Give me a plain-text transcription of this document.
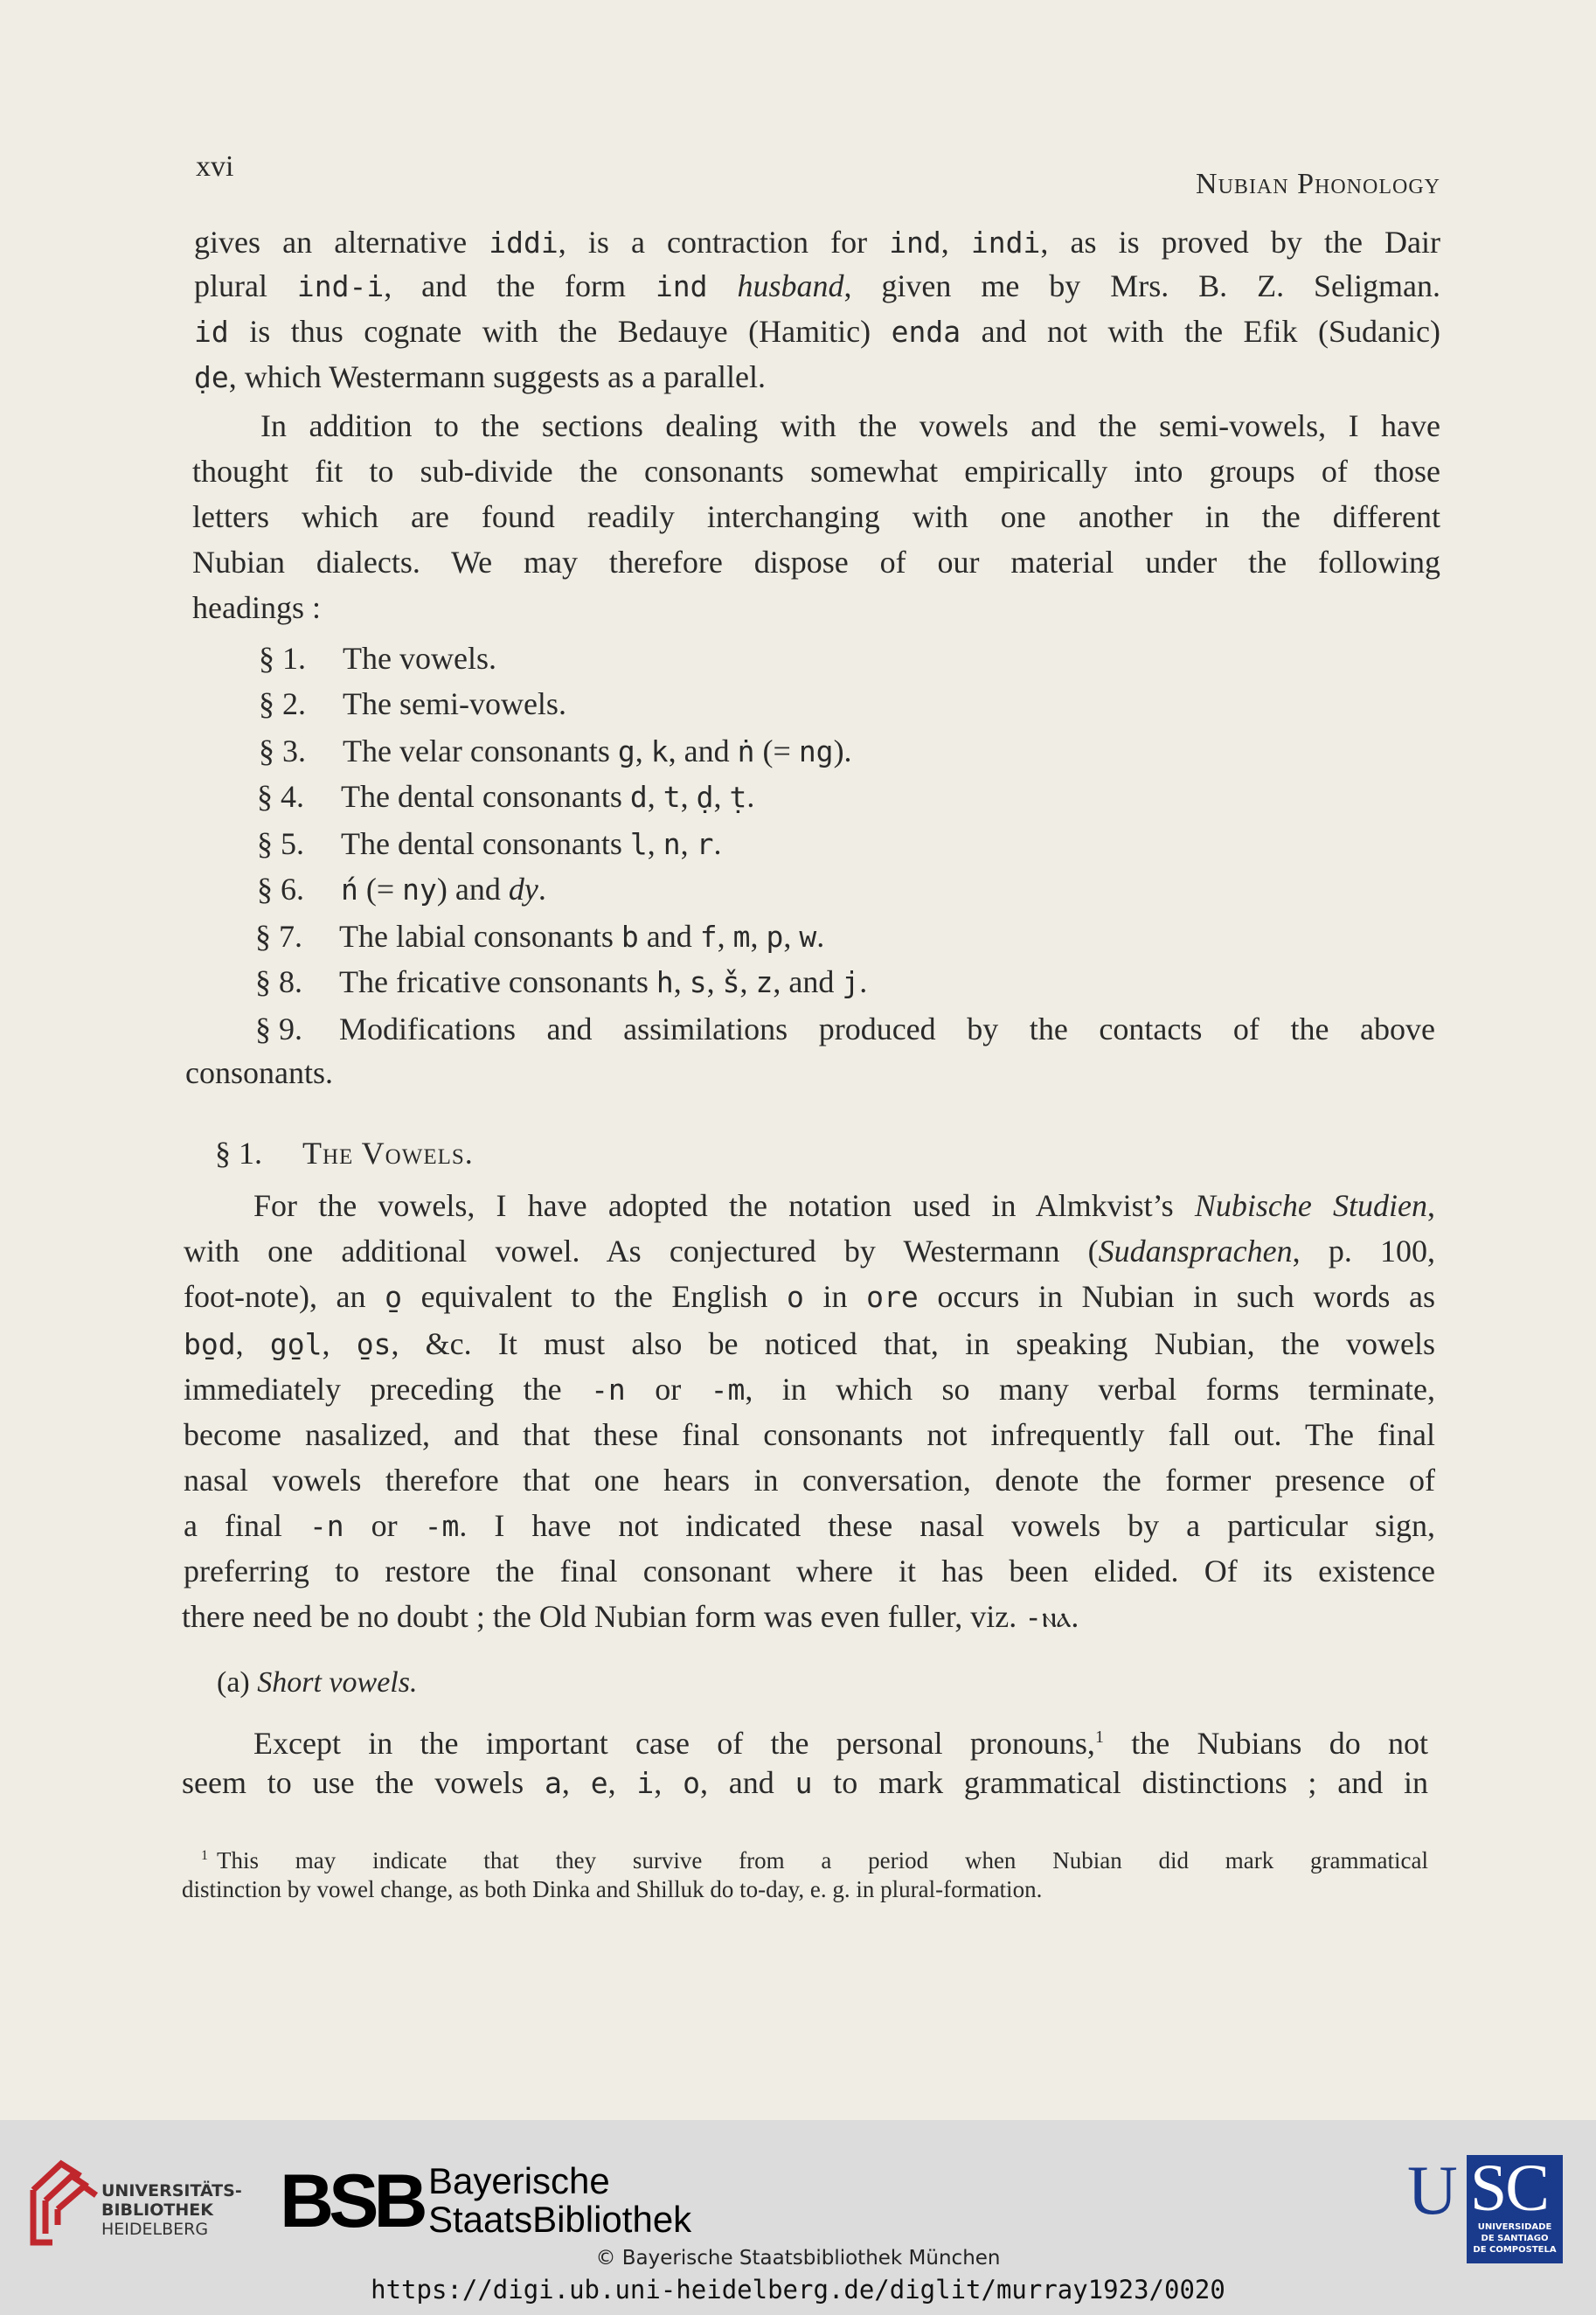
xvi
Nubian Phonology
gives an alternative iddi, is a contraction for ind, indi, as is proved by the Dair
plural ind-i, and the form ind husband, given me by Mrs. B. Z. Seligman.
id is thus cognate with the Bedauye (Hamitic) enda and not with the Efik (Sudanic)
ḍe, which Westermann suggests as a parallel.
In addition to the sections dealing with the vowels and the semi-vowels, I have
thought fit to sub-divide the consonants somewhat empirically into groups of those
letters which are found readily interchanging with one another in the different
Nubian dialects. We may therefore dispose of our material under the following
headings :
§ 1. The vowels.
§ 2. The semi-vowels.
§ 3. The velar consonants g, k, and ṅ (= ng).
§ 4. The dental consonants d, t, ḍ, ṭ.
§ 5. The dental consonants l, n, r.
§ 6. ń (= ny) and dy.
§ 7. The labial consonants b and f, m, p, w.
§ 8. The fricative consonants h, s, š, z, and j.
§ 9. Modifications and assimilations produced by the contacts of the above
consonants.
§ 1. The Vowels.
For the vowels, I have adopted the notation used in Almkvist’s Nubische Studien,
with one additional vowel. As conjectured by Westermann (Sudansprachen, p. 100,
foot-note), an o̱ equivalent to the English o in ore occurs in Nubian in such words as
bo̱d, go̱l, o̱s, &c. It must also be noticed that, in speaking Nubian, the vowels
immediately preceding the -n or -m, in which so many verbal forms terminate,
become nasalized, and that these final consonants not infrequently fall out. The final
nasal vowels therefore that one hears in conversation, denote the former presence of
a final -n or -m. I have not indicated these nasal vowels by a particular sign,
preferring to restore the final consonant where it has been elided. Of its existence
there need be no doubt ; the Old Nubian form was even fuller, viz. -ⲛⲁ.
(a) Short vowels.
Except in the important case of the personal pronouns,$^1$ the Nubians do not
seem to use the vowels a, e, i, o, and u to mark grammatical distinctions ; and in
$^1$ This may indicate that they survive from a period when Nubian did mark grammatical
distinction by vowel change, as both Dinka and Shilluk do to-day, e. g. in plural-formation.
UNIVERSITÄTS-
BIBLIOTHEK
HEIDELBERG BSB Bayerische
StaatsBibliothek
© Bayerische Staatsbibliothek München
https://digi.ub.uni-heidelberg.de/diglit/murray1923/0020
U SC
UNIVERSIDADE
DE SANTIAGO
DE COMPOSTELA
